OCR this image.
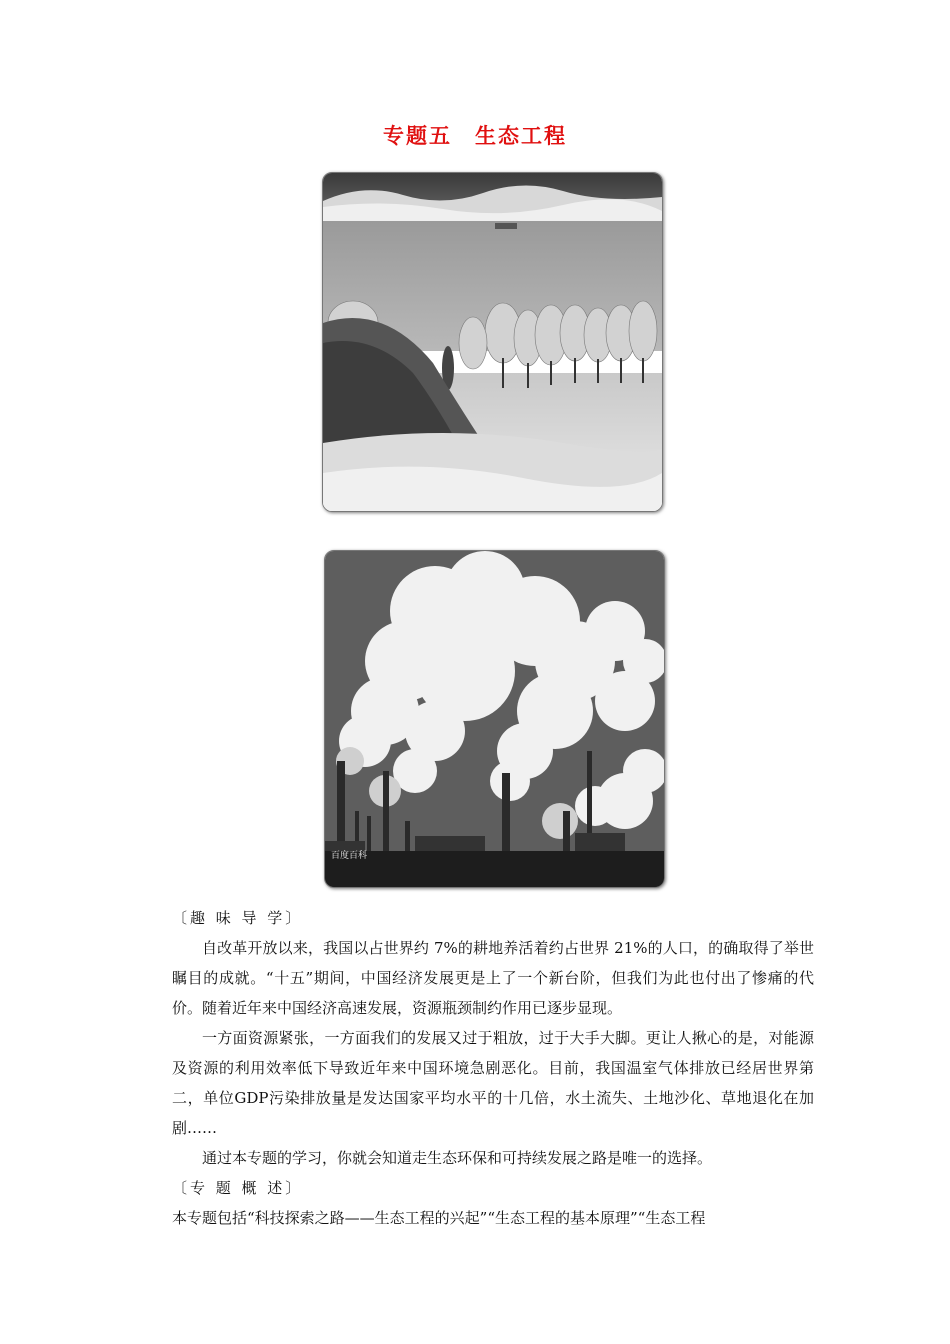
专题五　生态工程
百度百科

〔趣 味 导 学〕

自改革开放以来，我国以占世界约 7%的耕地养活着约占世界 21%的人口，的确取得了举世瞩目的成就。“十五”期间，中国经济发展更是上了一个新台阶，但我们为此也付出了惨痛的代价。随着近年来中国经济高速发展，资源瓶颈制约作用已逐步显现。

一方面资源紧张，一方面我们的发展又过于粗放，过于大手大脚。更让人揪心的是，对能源及资源的利用效率低下导致近年来中国环境急剧恶化。目前，我国温室气体排放已经居世界第二，单位GDP污染排放量是发达国家平均水平的十几倍，水土流失、土地沙化、草地退化在加剧……

通过本专题的学习，你就会知道走生态环保和可持续发展之路是唯一的选择。

〔专 题 概 述〕

本专题包括“科技探索之路——生态工程的兴起”“生态工程的基本原理”“生态工程
